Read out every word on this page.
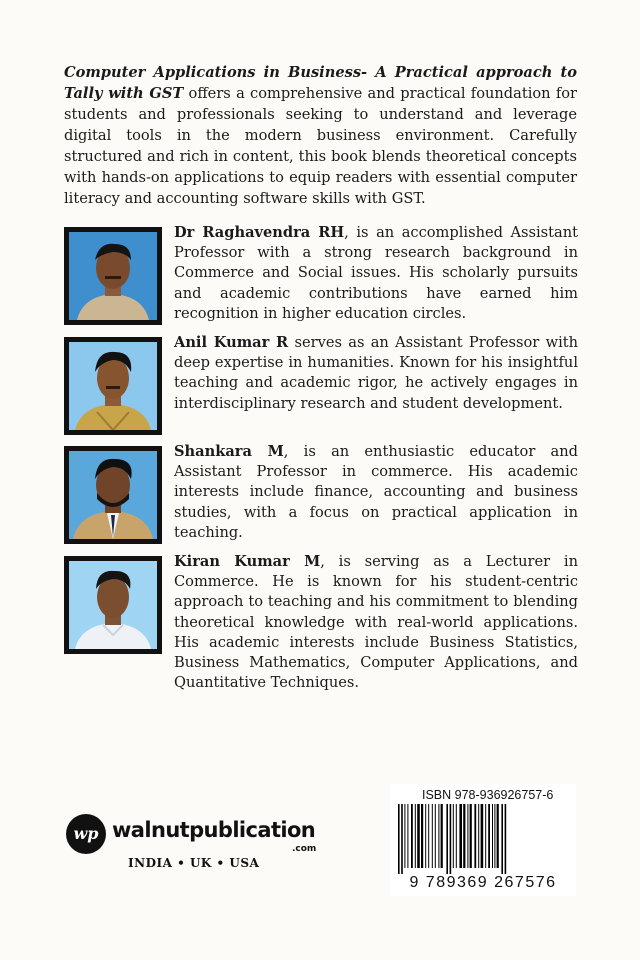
Computer Applications in Business- A Practical approach to Tally with GST offers a comprehensive and practical foundation for students and professionals seeking to understand and leverage digital tools in the modern business environment. Carefully structured and rich in content, this book blends theoretical concepts with hands-on applications to equip readers with essential computer literacy and accounting software skills with GST.
Dr Raghavendra RH, is an accomplished Assistant Professor with a strong research background in Commerce and Social issues. His scholarly pursuits and academic contributions have earned him recognition in higher education circles.
Anil Kumar R serves as an Assistant Professor with deep expertise in humanities. Known for his insightful teaching and academic rigor, he actively engages in interdisciplinary research and student development.
Shankara M, is an enthusiastic educator and Assistant Professor in commerce. His academic interests include finance, accounting and business studies, with a focus on practical application in teaching.
Kiran Kumar M, is serving as a Lecturer in Commerce. He is known for his student-centric approach to teaching and his commitment to blending theoretical knowledge with real-world applications. His academic interests include Business Statistics, Business Mathematics, Computer Applications, and Quantitative Techniques.
wp walnutpublication
.com
INDIA • UK • USA
ISBN 978-936926757-6
9 789369 267576
